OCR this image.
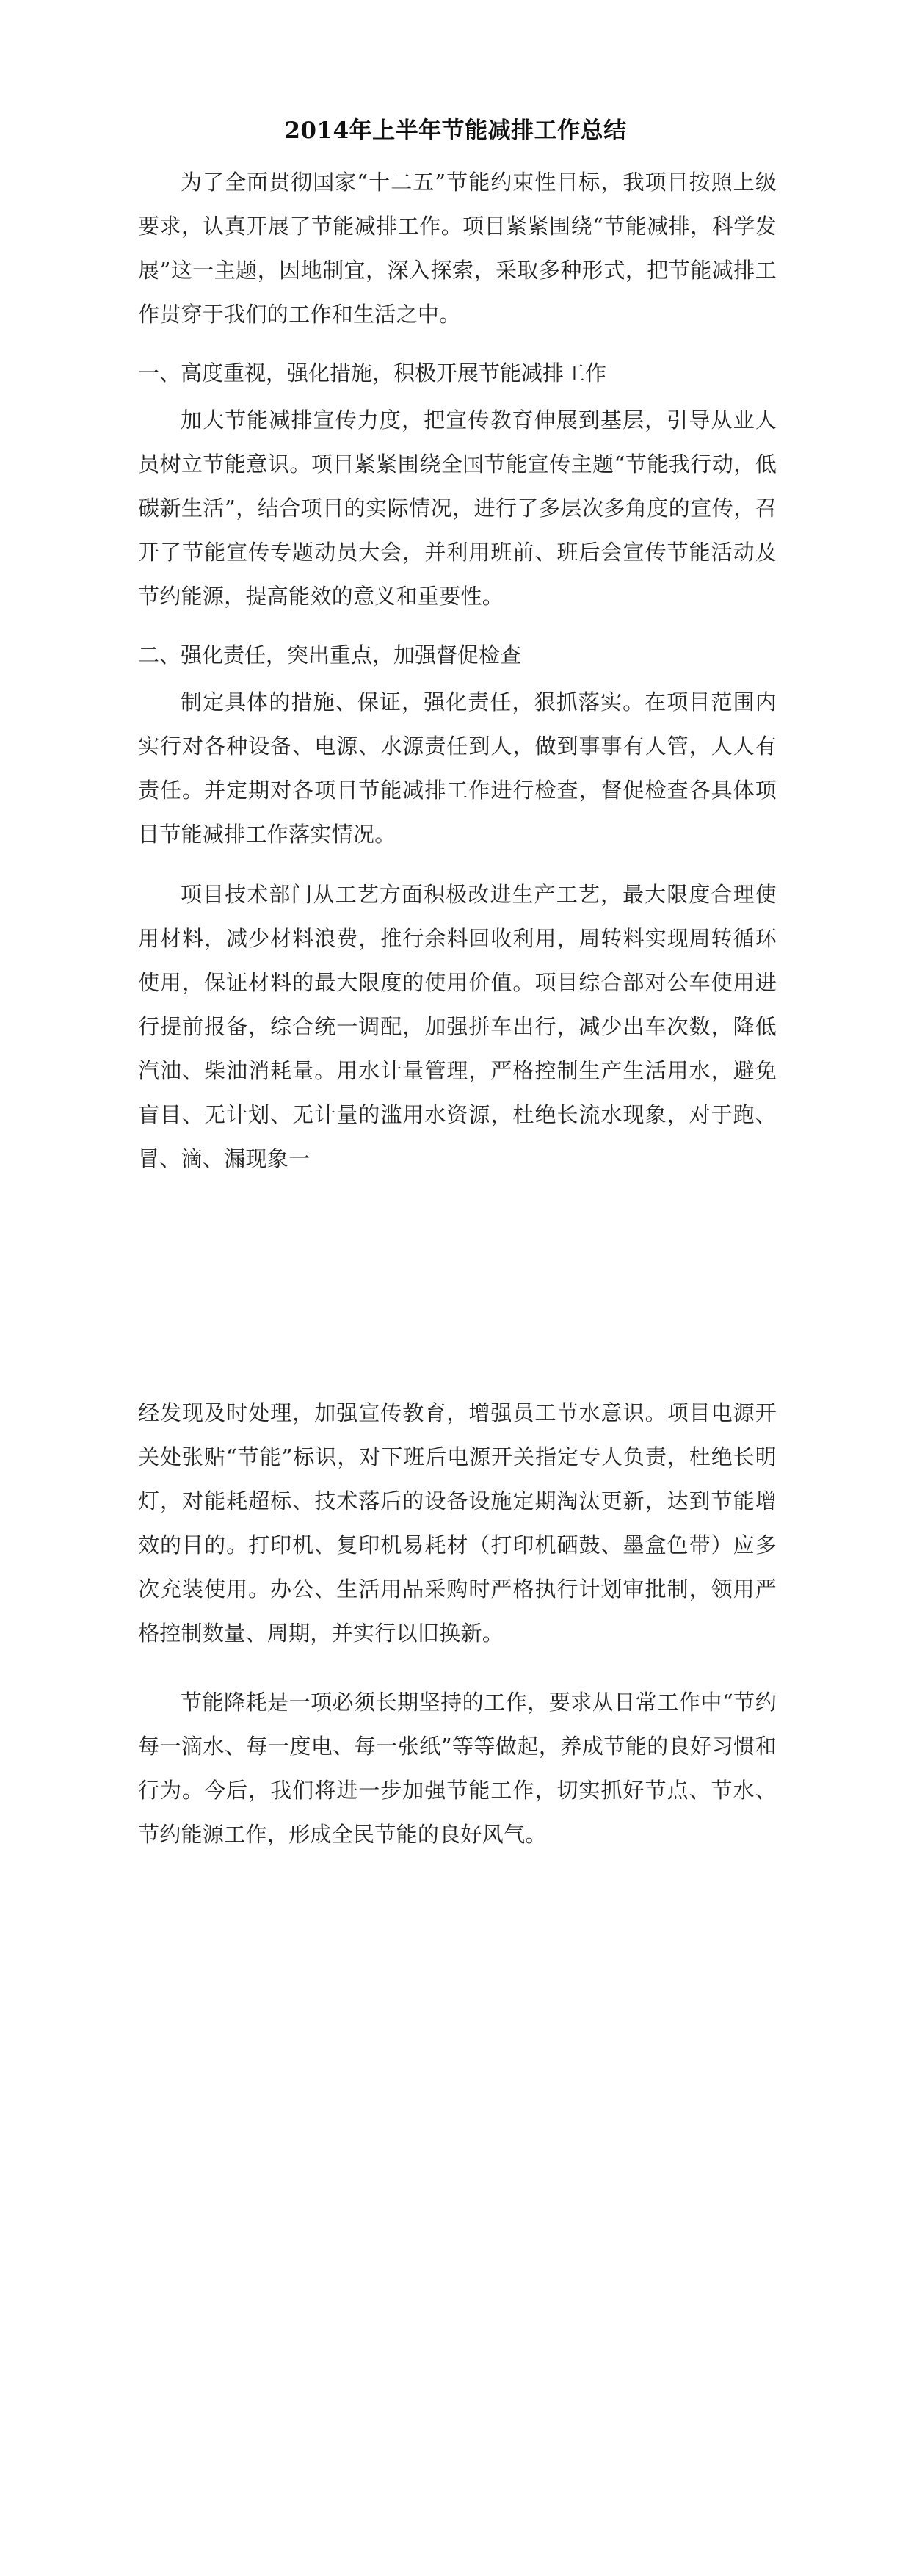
2014年上半年节能减排工作总结

为了全面贯彻国家“十二五”节能约束性目标，我项目按照上级要求，认真开展了节能减排工作。项目紧紧围绕“节能减排，科学发展”这一主题，因地制宜，深入探索，采取多种形式，把节能减排工作贯穿于我们的工作和生活之中。

一、高度重视，强化措施，积极开展节能减排工作

加大节能减排宣传力度，把宣传教育伸展到基层，引导从业人员树立节能意识。项目紧紧围绕全国节能宣传主题“节能我行动，低碳新生活”，结合项目的实际情况，进行了多层次多角度的宣传，召开了节能宣传专题动员大会，并利用班前、班后会宣传节能活动及节约能源，提高能效的意义和重要性。

二、强化责任，突出重点，加强督促检查

制定具体的措施、保证，强化责任，狠抓落实。在项目范围内实行对各种设备、电源、水源责任到人，做到事事有人管，人人有责任。并定期对各项目节能减排工作进行检查，督促检查各具体项目节能减排工作落实情况。

项目技术部门从工艺方面积极改进生产工艺，最大限度合理使用材料，减少材料浪费，推行余料回收利用，周转料实现周转循环使用，保证材料的最大限度的使用价值。项目综合部对公车使用进行提前报备，综合统一调配，加强拼车出行，减少出车次数，降低汽油、柴油消耗量。用水计量管理，严格控制生产生活用水，避免盲目、无计划、无计量的滥用水资源，杜绝长流水现象，对于跑、冒、滴、漏现象一

经发现及时处理，加强宣传教育，增强员工节水意识。项目电源开关处张贴“节能”标识，对下班后电源开关指定专人负责，杜绝长明灯，对能耗超标、技术落后的设备设施定期淘汰更新，达到节能增效的目的。打印机、复印机易耗材（打印机硒鼓、墨盒色带）应多次充装使用。办公、生活用品采购时严格执行计划审批制，领用严格控制数量、周期，并实行以旧换新。

节能降耗是一项必须长期坚持的工作，要求从日常工作中“节约每一滴水、每一度电、每一张纸”等等做起，养成节能的良好习惯和行为。今后，我们将进一步加强节能工作，切实抓好节点、节水、节约能源工作，形成全民节能的良好风气。
